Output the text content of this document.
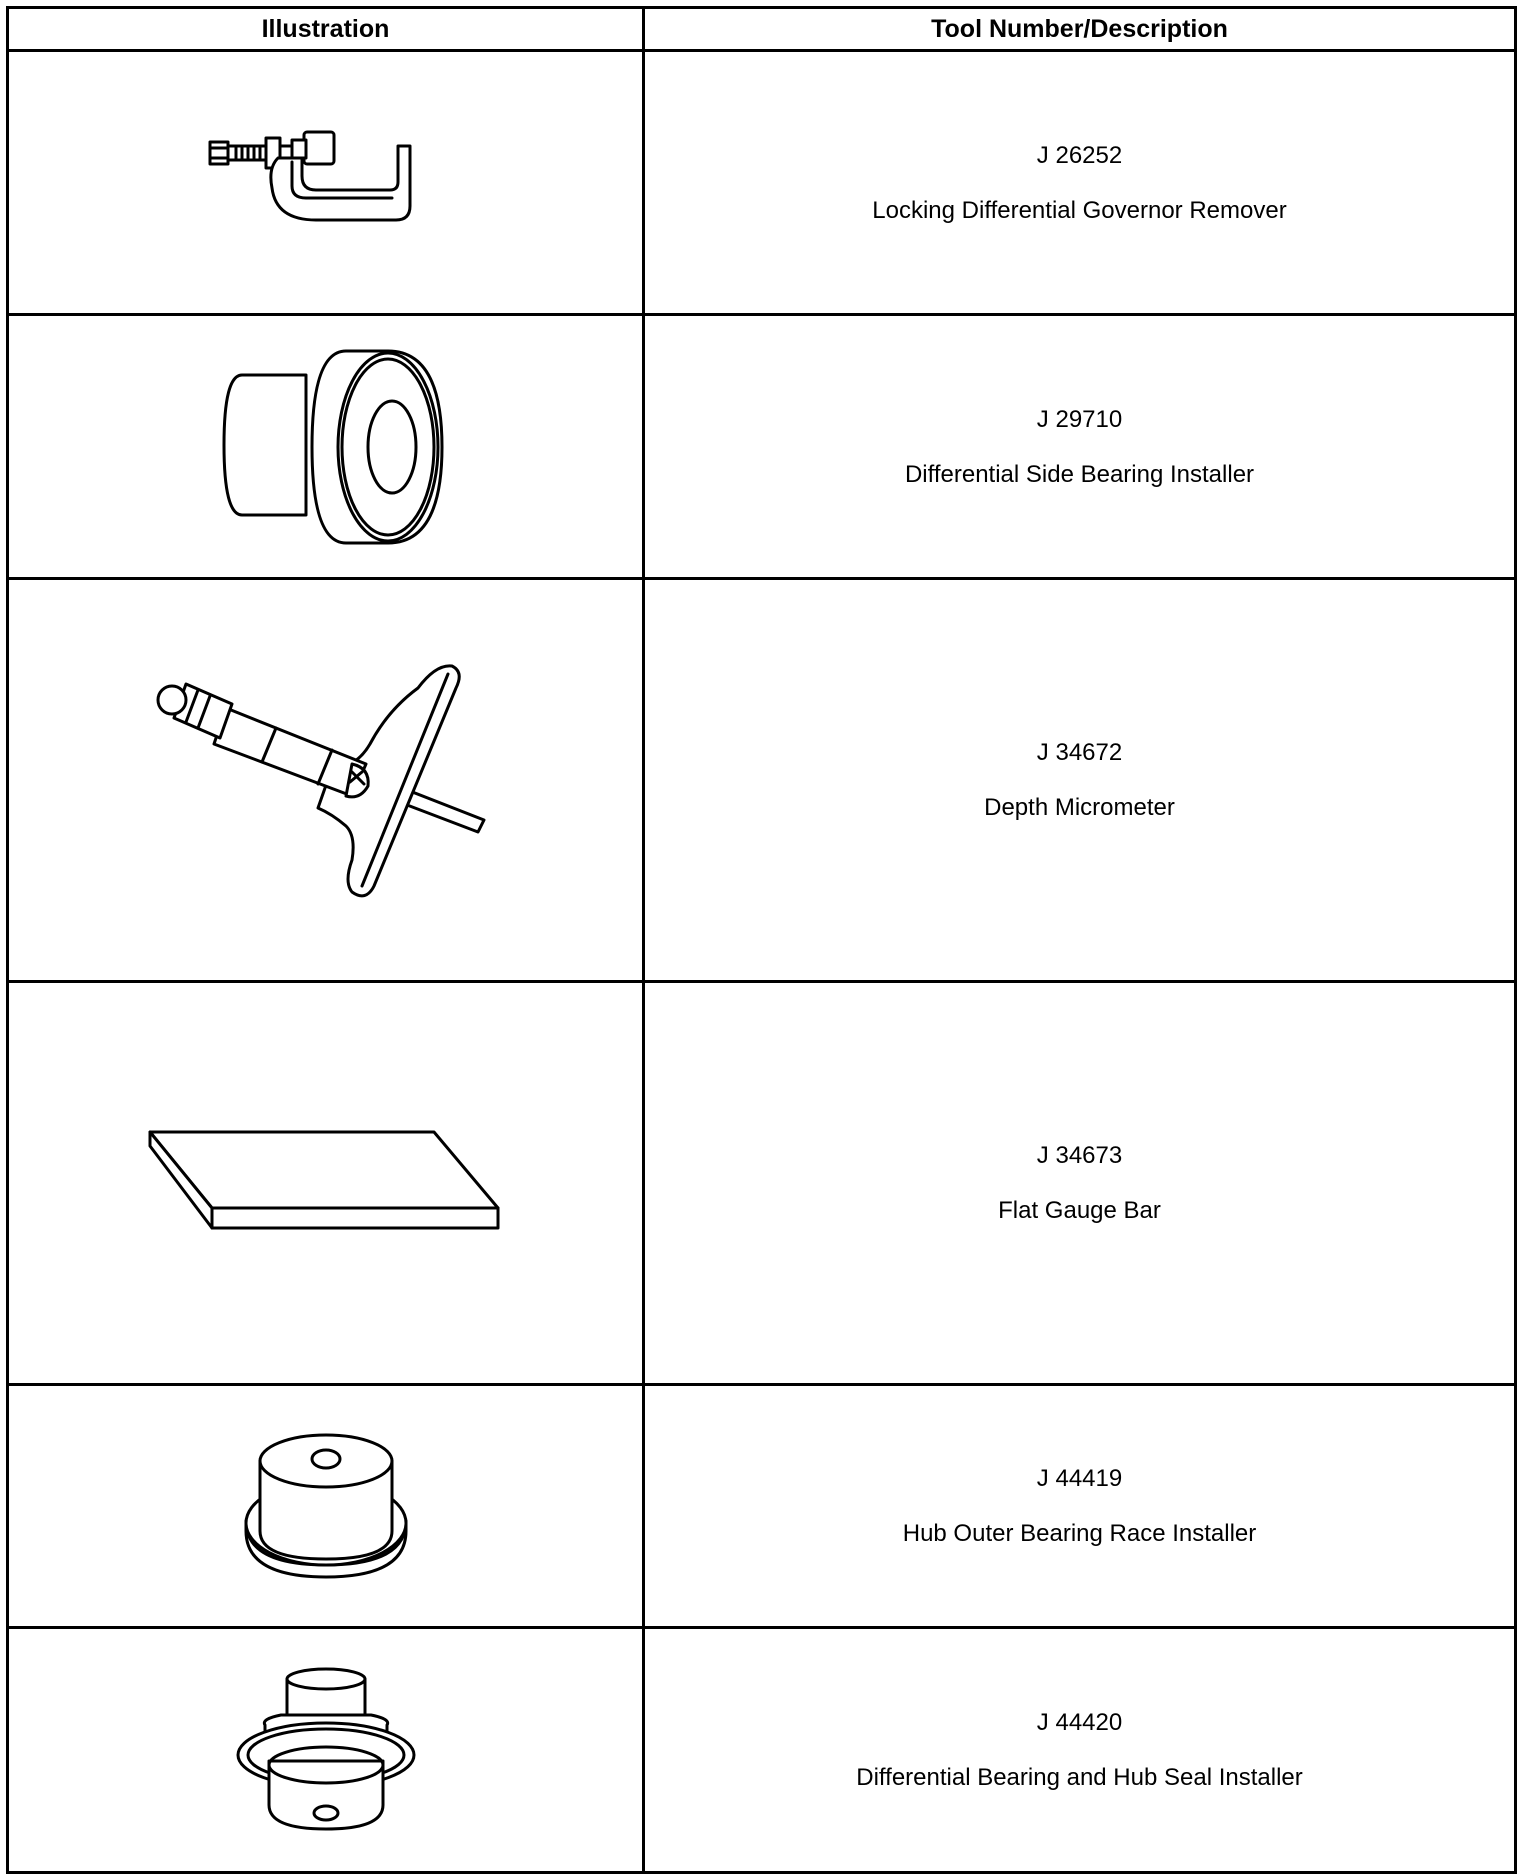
Illustration	Tool Number/Description

J 26252
Locking Differential Governor Remover

J 29710
Differential Side Bearing Installer

J 34672
Depth Micrometer

J 34673
Flat Gauge Bar

J 44419
Hub Outer Bearing Race Installer

J 44420
Differential Bearing and Hub Seal Installer
